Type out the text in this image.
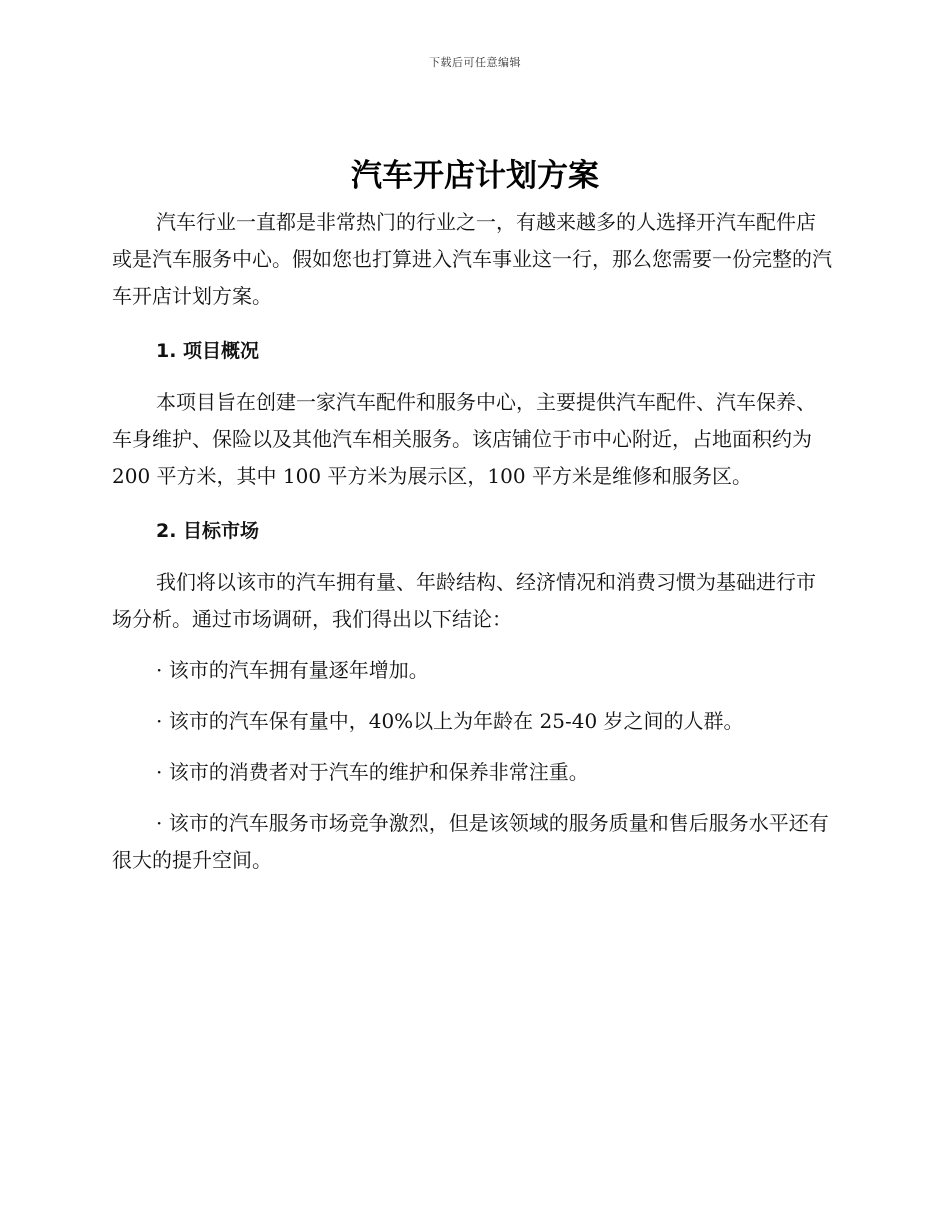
下载后可任意编辑
汽车开店计划方案

汽车行业一直都是非常热门的行业之一，有越来越多的人选择开汽车配件店或是汽车服务中心。假如您也打算进入汽车事业这一行，那么您需要一份完整的汽车开店计划方案。

1. 项目概况

本项目旨在创建一家汽车配件和服务中心，主要提供汽车配件、汽车保养、车身维护、保险以及其他汽车相关服务。该店铺位于市中心附近，占地面积约为 200 平方米，其中 100 平方米为展示区，100 平方米是维修和服务区。

2. 目标市场

我们将以该市的汽车拥有量、年龄结构、经济情况和消费习惯为基础进行市场分析。通过市场调研，我们得出以下结论：

· 该市的汽车拥有量逐年增加。

· 该市的汽车保有量中，40%以上为年龄在 25-40 岁之间的人群。

· 该市的消费者对于汽车的维护和保养非常注重。

· 该市的汽车服务市场竞争激烈，但是该领域的服务质量和售后服务水平还有很大的提升空间。
